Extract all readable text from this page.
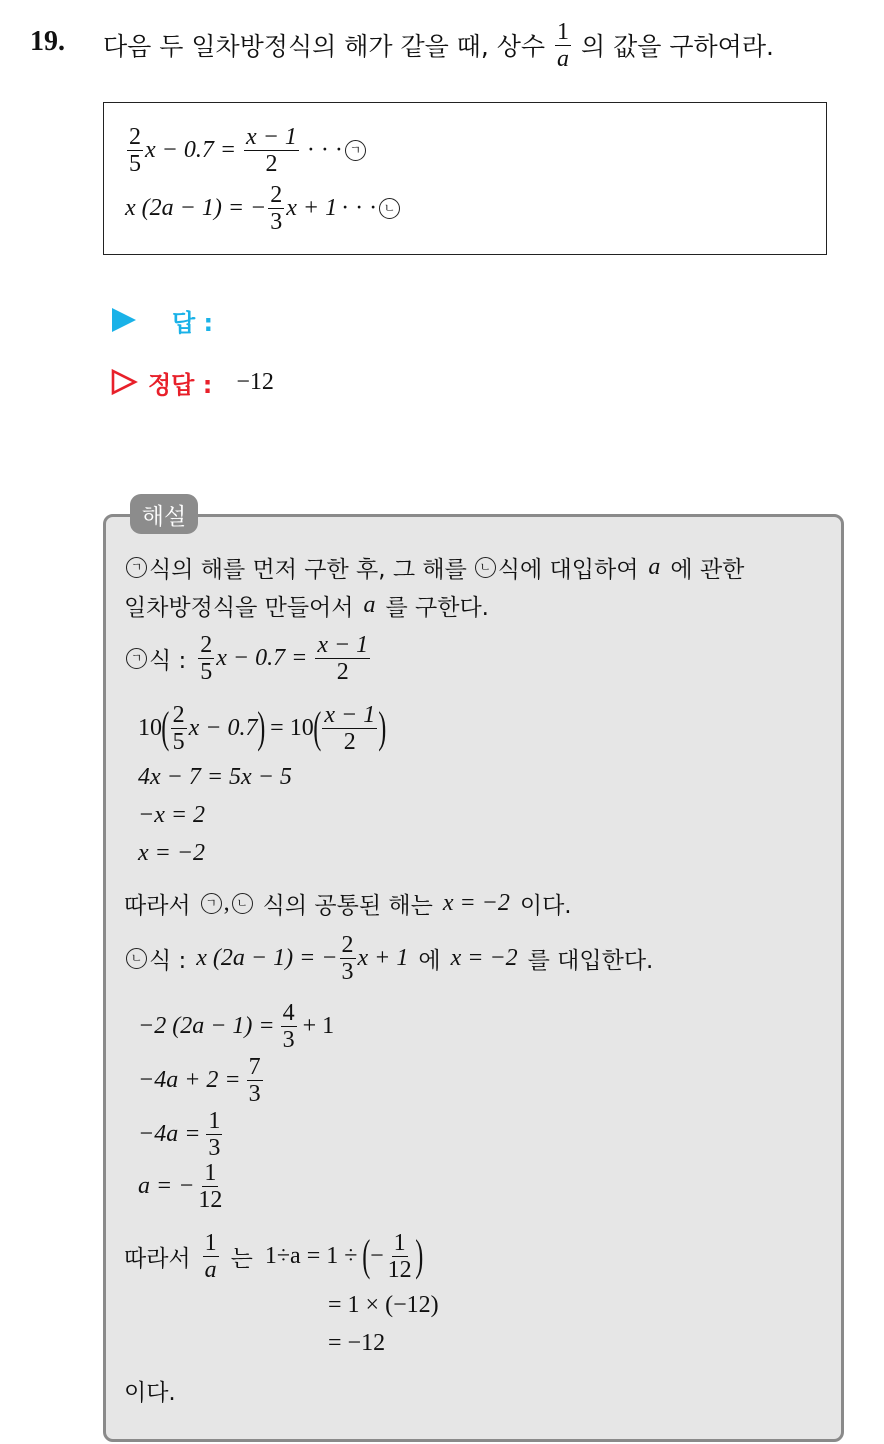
19. 다음 두 일차방정식의 해가 같을 때, 상수 $\frac{1}{a}$ 의 값을 구하여라.
$\frac{2}{5}$ $x - 0.7 = \frac{x - 1}{2}$ · · · ㄱ
x (2a − 1) = − $\frac{2}{3}$ x + 1 · · · ㄴ
답 :
정답 : −12
해설
ㄱ 식의 해를 먼저 구한 후, 그 해를	ㄴ 식에 대입하여 a 에 관한
일차방정식을 만들어서 a 를 구한다.
ㄱ 식 : $\frac{2}{5}$ $x - 0.7 = \frac{x - 1}{2}$
10 ( $\frac{2}{5}$ x − 0.7 ) = 10 ( $\frac{x - 1}{2}$ )
4x − 7 = 5x − 5
−x = 2
x = −2
따라서	ㄱ , ㄴ 식의 공통된 해는 x = −2 이다.
ㄴ 식 : x (2a − 1) = − $\frac{2}{3}$ x + 1 에 x = −2 를 대입한다.
−2 $(2a - 1) = \frac{4}{3} + 1$
$-4a + 2 = \frac{7}{3}$
$-4a = \frac{1}{3}$
a = − $\frac{1}{12}$
따라서 $\frac{1}{a}$ 는 1÷a = 1 ÷ ( − $\frac{1}{12}$ )
= 1 × (−12)
= −12
이다.
